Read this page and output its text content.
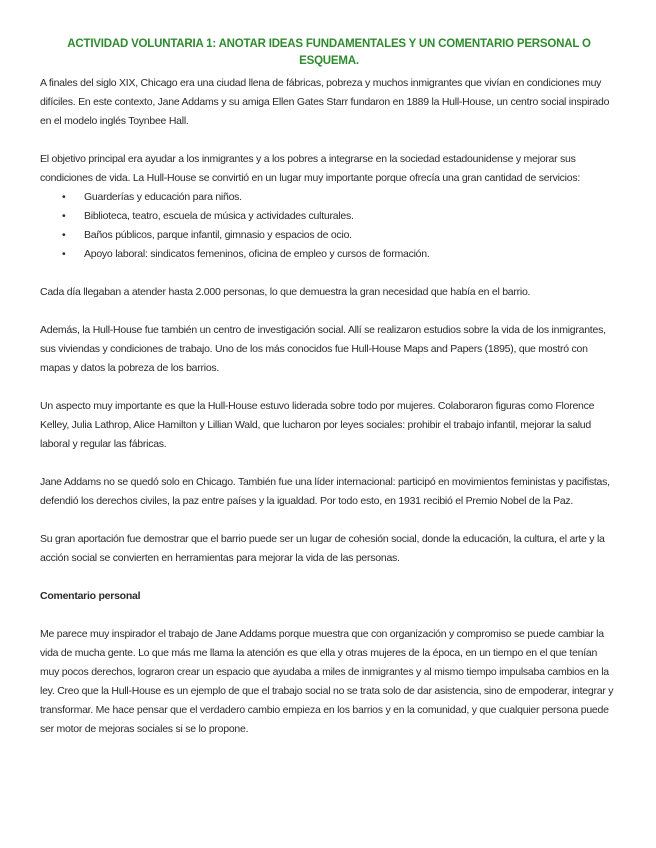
ACTIVIDAD VOLUNTARIA 1: ANOTAR IDEAS FUNDAMENTALES Y UN COMENTARIO PERSONAL O ESQUEMA.

A finales del siglo XIX, Chicago era una ciudad llena de fábricas, pobreza y muchos inmigrantes que vivían en condiciones muy difíciles. En este contexto, Jane Addams y su amiga Ellen Gates Starr fundaron en 1889 la Hull-House, un centro social inspirado en el modelo inglés Toynbee Hall.

El objetivo principal era ayudar a los inmigrantes y a los pobres a integrarse en la sociedad estadounidense y mejorar sus condiciones de vida. La Hull-House se convirtió en un lugar muy importante porque ofrecía una gran cantidad de servicios:

• Guarderías y educación para niños.
• Biblioteca, teatro, escuela de música y actividades culturales.
• Baños públicos, parque infantil, gimnasio y espacios de ocio.
• Apoyo laboral: sindicatos femeninos, oficina de empleo y cursos de formación.

Cada día llegaban a atender hasta 2.000 personas, lo que demuestra la gran necesidad que había en el barrio.

Además, la Hull-House fue también un centro de investigación social. Allí se realizaron estudios sobre la vida de los inmigrantes, sus viviendas y condiciones de trabajo. Uno de los más conocidos fue Hull-House Maps and Papers (1895), que mostró con mapas y datos la pobreza de los barrios.

Un aspecto muy importante es que la Hull-House estuvo liderada sobre todo por mujeres. Colaboraron figuras como Florence Kelley, Julia Lathrop, Alice Hamilton y Lillian Wald, que lucharon por leyes sociales: prohibir el trabajo infantil, mejorar la salud laboral y regular las fábricas.

Jane Addams no se quedó solo en Chicago. También fue una líder internacional: participó en movimientos feministas y pacifistas, defendió los derechos civiles, la paz entre países y la igualdad. Por todo esto, en 1931 recibió el Premio Nobel de la Paz.

Su gran aportación fue demostrar que el barrio puede ser un lugar de cohesión social, donde la educación, la cultura, el arte y la acción social se convierten en herramientas para mejorar la vida de las personas.

Comentario personal

Me parece muy inspirador el trabajo de Jane Addams porque muestra que con organización y compromiso se puede cambiar la vida de mucha gente. Lo que más me llama la atención es que ella y otras mujeres de la época, en un tiempo en el que tenían muy pocos derechos, lograron crear un espacio que ayudaba a miles de inmigrantes y al mismo tiempo impulsaba cambios en la ley. Creo que la Hull-House es un ejemplo de que el trabajo social no se trata solo de dar asistencia, sino de empoderar, integrar y transformar. Me hace pensar que el verdadero cambio empieza en los barrios y en la comunidad, y que cualquier persona puede ser motor de mejoras sociales si se lo propone.
